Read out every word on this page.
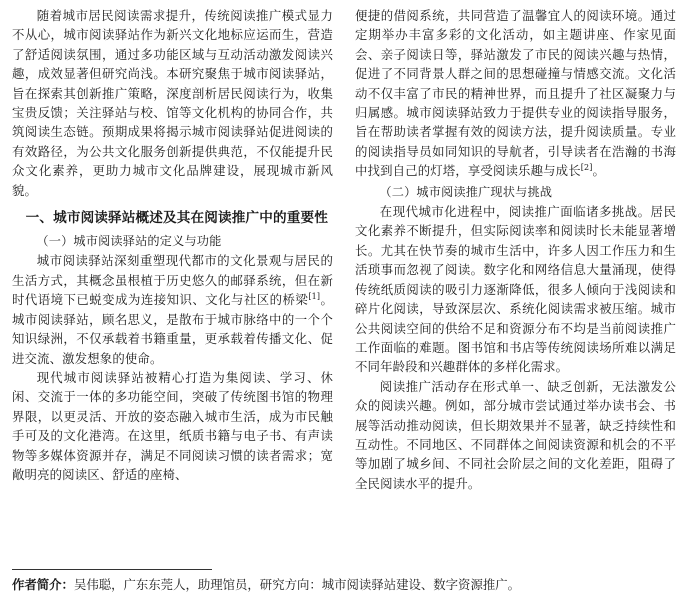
随着城市居民阅读需求提升，传统阅读推广模式显力不从心，城市阅读驿站作为新兴文化地标应运而生，营造了舒适阅读氛围，通过多功能区域与互动活动激发阅读兴趣，成效显著但研究尚浅。本研究聚焦于城市阅读驿站，旨在探索其创新推广策略，深度剖析居民阅读行为，收集宝贵反馈；关注驿站与校、馆等文化机构的协同合作，共筑阅读生态链。预期成果将揭示城市阅读驿站促进阅读的有效路径，为公共文化服务创新提供典范，不仅能提升民众文化素养，更助力城市文化品牌建设，展现城市新风貌。

一、城市阅读驿站概述及其在阅读推广中的重要性
（一）城市阅读驿站的定义与功能

城市阅读驿站深刻重塑现代都市的文化景观与居民的生活方式，其概念虽根植于历史悠久的邮驿系统，但在新时代语境下已蜕变成为连接知识、文化与社区的桥梁[1]。城市阅读驿站，顾名思义，是散布于城市脉络中的一个个知识绿洲，不仅承载着书籍重量，更承载着传播文化、促进交流、激发想象的使命。

现代城市阅读驿站被精心打造为集阅读、学习、休闲、交流于一体的多功能空间，突破了传统图书馆的物理界限，以更灵活、开放的姿态融入城市生活，成为市民触手可及的文化港湾。在这里，纸质书籍与电子书、有声读物等多媒体资源并存，满足不同阅读习惯的读者需求；宽敞明亮的阅读区、舒适的座椅、

便捷的借阅系统，共同营造了温馨宜人的阅读环境。通过定期举办丰富多彩的文化活动，如主题讲座、作家见面会、亲子阅读日等，驿站激发了市民的阅读兴趣与热情，促进了不同背景人群之间的思想碰撞与情感交流。文化活动不仅丰富了市民的精神世界，而且提升了社区凝聚力与归属感。城市阅读驿站致力于提供专业的阅读指导服务，旨在帮助读者掌握有效的阅读方法，提升阅读质量。专业的阅读指导员如同知识的导航者，引导读者在浩瀚的书海中找到自己的灯塔，享受阅读乐趣与成长[2]。

（二）城市阅读推广现状与挑战

在现代城市化进程中，阅读推广面临诸多挑战。居民文化素养不断提升，但实际阅读率和阅读时长未能显著增长。尤其在快节奏的城市生活中，许多人因工作压力和生活琐事而忽视了阅读。数字化和网络信息大量涌现，使得传统纸质阅读的吸引力逐渐降低，很多人倾向于浅阅读和碎片化阅读，导致深层次、系统化阅读需求被压缩。城市公共阅读空间的供给不足和资源分布不均是当前阅读推广工作面临的难题。图书馆和书店等传统阅读场所难以满足不同年龄段和兴趣群体的多样化需求。

阅读推广活动存在形式单一、缺乏创新，无法激发公众的阅读兴趣。例如，部分城市尝试通过举办读书会、书展等活动推动阅读，但长期效果并不显著，缺乏持续性和互动性。不同地区、不同群体之间阅读资源和机会的不平等加剧了城乡间、不同社会阶层之间的文化差距，阻碍了全民阅读水平的提升。

作者简介：吴伟聪，广东东莞人，助理馆员，研究方向：城市阅读驿站建设、数字资源推广。
